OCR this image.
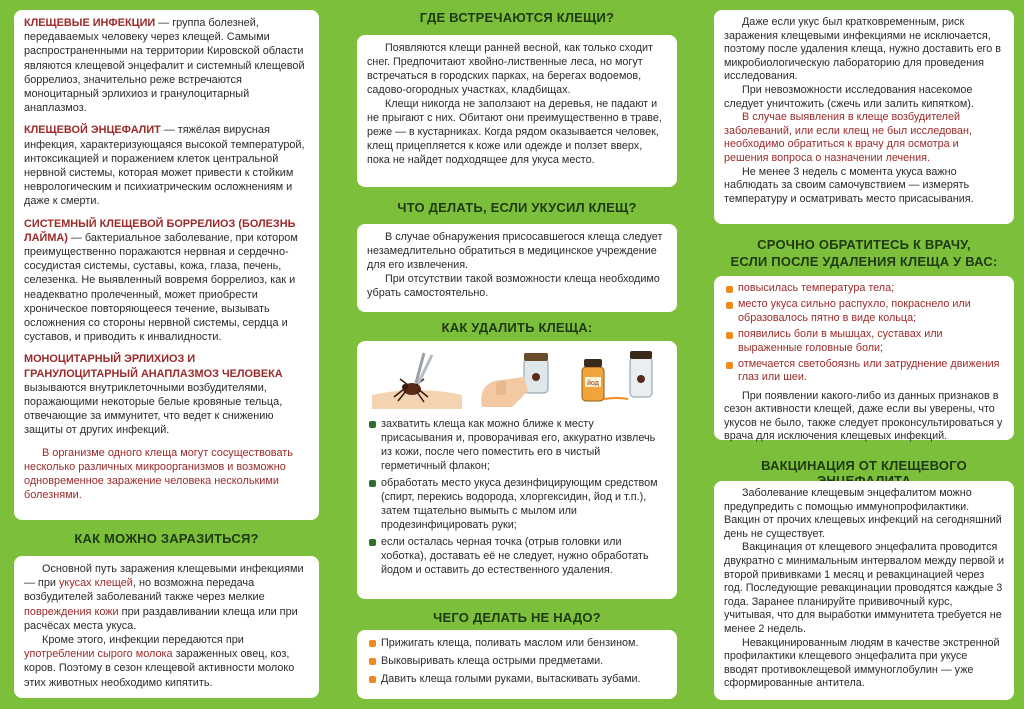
КЛЕЩЕВЫЕ ИНФЕКЦИИ — группа болезней, передаваемых человеку через клещей. Самыми распространенными на территории Кировской области являются клещевой энцефалит и системный клещевой боррелиоз, значительно реже встречаются моноцитарный эрлихиоз и гранулоцитарный анаплазмоз.

КЛЕЩЕВОЙ ЭНЦЕФАЛИТ — тяжёлая вирусная инфекция, характеризующаяся высокой температурой, интоксикацией и поражением клеток центральной нервной системы, которая может привести к стойким неврологическим и психиатрическим осложнениям и даже к смерти.

СИСТЕМНЫЙ КЛЕЩЕВОЙ БОРРЕЛИОЗ (БОЛЕЗНЬ ЛАЙМА) — бактериальное заболевание, при котором преимущественно поражаются нервная и сердечно-сосудистая системы, суставы, кожа, глаза, печень, селезенка. Не выявленный вовремя боррелиоз, как и неадекватно пролеченный, может приобрести хроническое повторяющееся течение, вызывать осложнения со стороны нервной системы, сердца и суставов, и приводить к инвалидности.

МОНОЦИТАРНЫЙ ЭРЛИХИОЗ И ГРАНУЛОЦИТАРНЫЙ АНАПЛАЗМОЗ ЧЕЛОВЕКА вызываются внутриклеточными возбудителями, поражающими некоторые белые кровяные тельца, отвечающие за иммунитет, что ведет к снижению защиты от других инфекций.

В организме одного клеща могут сосуществовать несколько различных микроорганизмов и возможно одновременное заражение человека несколькими болезнями.

КАК МОЖНО ЗАРАЗИТЬСЯ?

Основной путь заражения клещевыми инфекциями — при укусах клещей, но возможна передача возбудителей заболеваний также через мелкие повреждения кожи при раздавливании клеща или при расчёсах места укуса.

Кроме этого, инфекции передаются при употреблении сырого молока зараженных овец, коз, коров. Поэтому в сезон клещевой активности молоко этих животных необходимо кипятить.

ГДЕ ВСТРЕЧАЮТСЯ КЛЕЩИ?

Появляются клещи ранней весной, как только сходит снег. Предпочитают хвойно-лиственные леса, но могут встречаться в городских парках, на берегах водоемов, садово-огородных участках, кладбищах.

Клещи никогда не заползают на деревья, не падают и не прыгают с них. Обитают они преимущественно в траве, реже — в кустарниках. Когда рядом оказывается человек, клещ прицепляется к коже или одежде и ползет вверх, пока не найдет подходящее для укуса место.

ЧТО ДЕЛАТЬ, ЕСЛИ УКУСИЛ КЛЕЩ?

В случае обнаружения присосавшегося клеща следует незамедлительно обратиться в медицинское учреждение для его извлечения.

При отсутствии такой возможности клеща необходимо убрать самостоятельно.

КАК УДАЛИТЬ КЛЕЩА:
йод
захватить клеща как можно ближе к месту присасывания и, проворачивая его, аккуратно извлечь из кожи, после чего поместить его в чистый герметичный флакон;
обработать место укуса дезинфицирующим средством (спирт, перекись водорода, хлоргексидин, йод и т.п.), затем тщательно вымыть с мылом или продезинфицировать руки;
если осталась черная точка (отрыв головки или хоботка), доставать её не следует, нужно обработать йодом и оставить до естественного удаления.
ЧЕГО ДЕЛАТЬ НЕ НАДО?
Прижигать клеща, поливать маслом или бензином.
Выковыривать клеща острыми предметами.
Давить клеща голыми руками, вытаскивать зубами.

Даже если укус был кратковременным, риск заражения клещевыми инфекциями не исключается, поэтому после удаления клеща, нужно доставить его в микробиологическую лабораторию для проведения исследования.

При невозможности исследования насекомое следует уничтожить (сжечь или залить кипятком).

В случае выявления в клеще возбудителей заболеваний, или если клещ не был исследован, необходимо обратиться к врачу для осмотра и решения вопроса о назначении лечения.

Не менее 3 недель с момента укуса важно наблюдать за своим самочувствием — измерять температуру и осматривать место присасывания.

СРОЧНО ОБРАТИТЕСЬ К ВРАЧУ,
ЕСЛИ ПОСЛЕ УДАЛЕНИЯ КЛЕЩА У ВАС:
повысилась температура тела;
место укуса сильно распухло, покраснело или образовалось пятно в виде кольца;
появились боли в мышцах, суставах или выраженные головные боли;
отмечается светобоязнь или затруднение движения глаз или шеи.

При появлении какого-либо из данных признаков в сезон активности клещей, даже если вы уверены, что укусов не было, также следует проконсультироваться у врача для исключения клещевых инфекций.

ВАКЦИНАЦИЯ ОТ КЛЕЩЕВОГО

Заболевание клещевым энцефалитом можно предупредить с помощью иммунопрофилактики. Вакцин от прочих клещевых инфекций на сегодняшний день не существует.

Вакцинация от клещевого энцефалита проводится двукратно с минимальным интервалом между первой и второй прививками 1 месяц и ревакцинацией через год. Последующие ревакцинации проводятся каждые 3 года. Заранее планируйте прививочный курс, учитывая, что для выработки иммунитета требуется не менее 2 недель.

Невакцинированным людям в качестве экстренной профилактики клещевого энцефалита при укусе вводят противоклещевой иммуноглобулин — уже сформированные антитела.
